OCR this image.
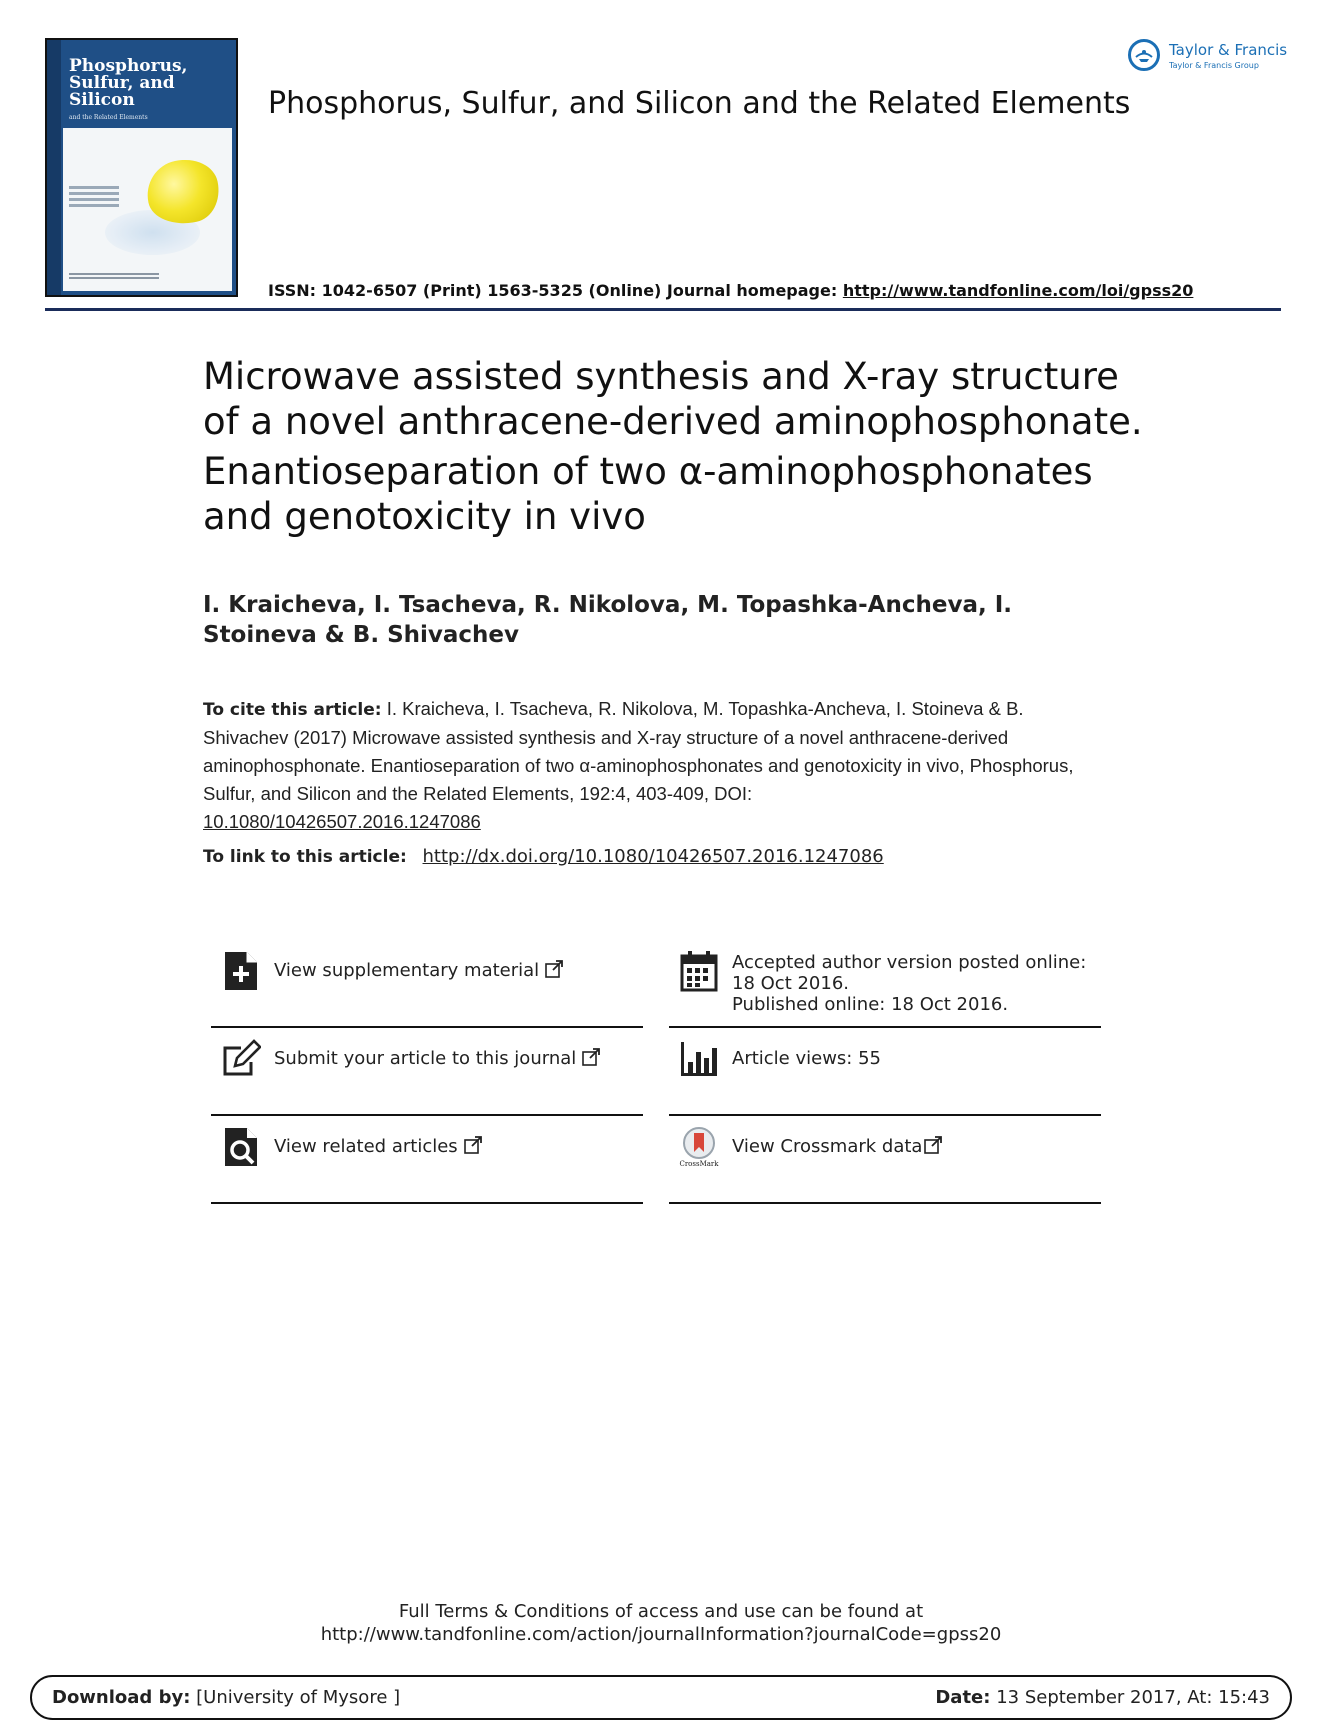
Phosphorus,
Sulfur, and
Silicon
and the Related Elements
Taylor & Francis
Taylor & Francis Group
Phosphorus, Sulfur, and Silicon and the Related Elements
ISSN: 1042-6507 (Print) 1563-5325 (Online) Journal homepage: http://www.tandfonline.com/loi/gpss20
Microwave assisted synthesis and X-ray structure
of a novel anthracene-derived aminophosphonate.
Enantioseparation of two α-aminophosphonates
and genotoxicity in vivo
I. Kraicheva, I. Tsacheva, R. Nikolova, M. Topashka-Ancheva, I. Stoineva & B. Shivachev
To cite this article: I. Kraicheva, I. Tsacheva, R. Nikolova, M. Topashka-Ancheva, I. Stoineva & B. Shivachev (2017) Microwave assisted synthesis and X-ray structure of a novel anthracene-derived aminophosphonate. Enantioseparation of two α-aminophosphonates and genotoxicity in vivo, Phosphorus, Sulfur, and Silicon and the Related Elements, 192:4, 403-409, DOI:
10.1080/10426507.2016.1247086
To link to this article: http://dx.doi.org/10.1080/10426507.2016.1247086
View supplementary material	Accepted author version posted online: 18 Oct 2016.
Published online: 18 Oct 2016.
Submit your article to this journal	Article views: 55
View related articles
CrossMark
View Crossmark data
Full Terms & Conditions of access and use can be found at
http://www.tandfonline.com/action/journalInformation?journalCode=gpss20
Download by: [University of Mysore ]	Date: 13 September 2017, At: 15:43
